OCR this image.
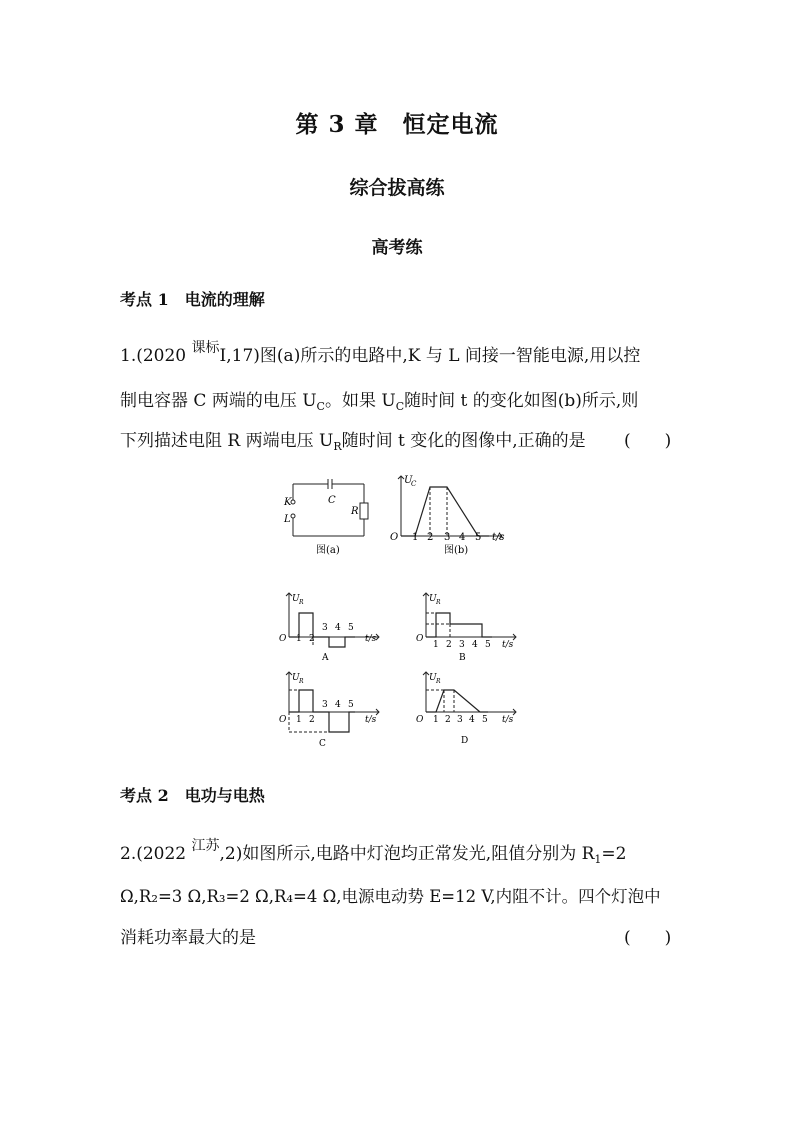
第 3 章　恒定电流
综合拔高练
高考练
考点 1　电流的理解
1.(2020 $^{课标}$Ⅰ,17)图(a)所示的电路中,K 与 L 间接一智能电源,用以控
制电容器 C 两端的电压 $U_C$。如果 $U_C$随时间 t 的变化如图(b)所示,则
下列描述电阻 R 两端电压 $U_R$随时间 t 变化的图像中,正确的是 (　　)
K
L
C
R
图(a)
U
C
O 1 2 3 4 5 t/s
图(b)
U R
O 1 2
3 4 5
t/s
A
U R
O
1 2 3 4 5 t/s
B
U R
O 1 2
3 4 5
t/s
C
U R
O 1 2 3 4 5 t/s
D
考点 2　电功与电热
2.(2022 $^{江苏}$,2)如图所示,电路中灯泡均正常发光,阻值分别为 $R_1=2$
Ω,R₂=3 Ω,R₃=2 Ω,R₄=4 Ω,电源电动势 E=12 V,内阻不计。四个灯泡中
消耗功率最大的是	(　　)
